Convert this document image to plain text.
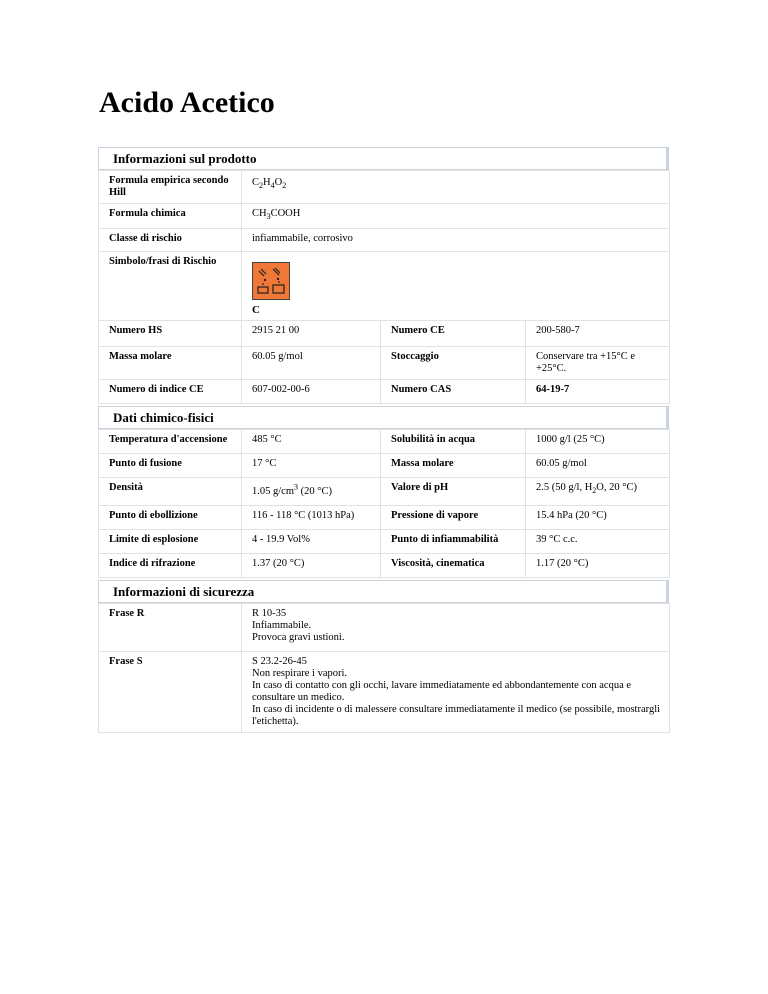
Acido Acetico
Informazioni sul prodotto
Formula empirica secondo Hill	$C_2H_4O_2$
Formula chimica	$CH_3COOH$		
Classe di rischio	infiammabile, corrosivo		
Simbolo/frasi di Rischio	C		

Numero HS	2915 21 00	Numero CE	200-580-7
Massa molare	60.05 g/mol	Stoccaggio	Conservare tra +15°C e +25°C.
Numero di indice CE	607-002-00-6	Numero CAS	64-19-7
Dati chimico-fisici
Temperatura d'accensione	485 °C	Solubilità in acqua	1000 g/l (25 °C)
Punto di fusione	17 °C	Massa molare	60.05 g/mol
Densità	1.05 $g/cm^3$ (20 °C)	Valore di pH	2.5 (50 g/l, $H_2O$, 20 °C)
Punto di ebollizione	116 - 118 °C (1013 hPa)	Pressione di vapore	15.4 hPa (20 °C)
Limite di esplosione	4 - 19.9 Vol%	Punto di infiammabilità	39 °C c.c.
Indice di rifrazione	1.37 (20 °C)	Viscosità, cinematica	1.17 (20 °C)
Informazioni di sicurezza
Frase R	R 10-35
Infiammabile.
Provoca gravi ustioni.

Frase S	S 23.2-26-45
Non respirare i vapori.
In caso di contatto con gli occhi, lavare immediatamente ed abbondantemente con acqua e consultare un medico.
In caso di incidente o di malessere consultare immediatamente il medico (se possibile, mostrargli l'etichetta).
